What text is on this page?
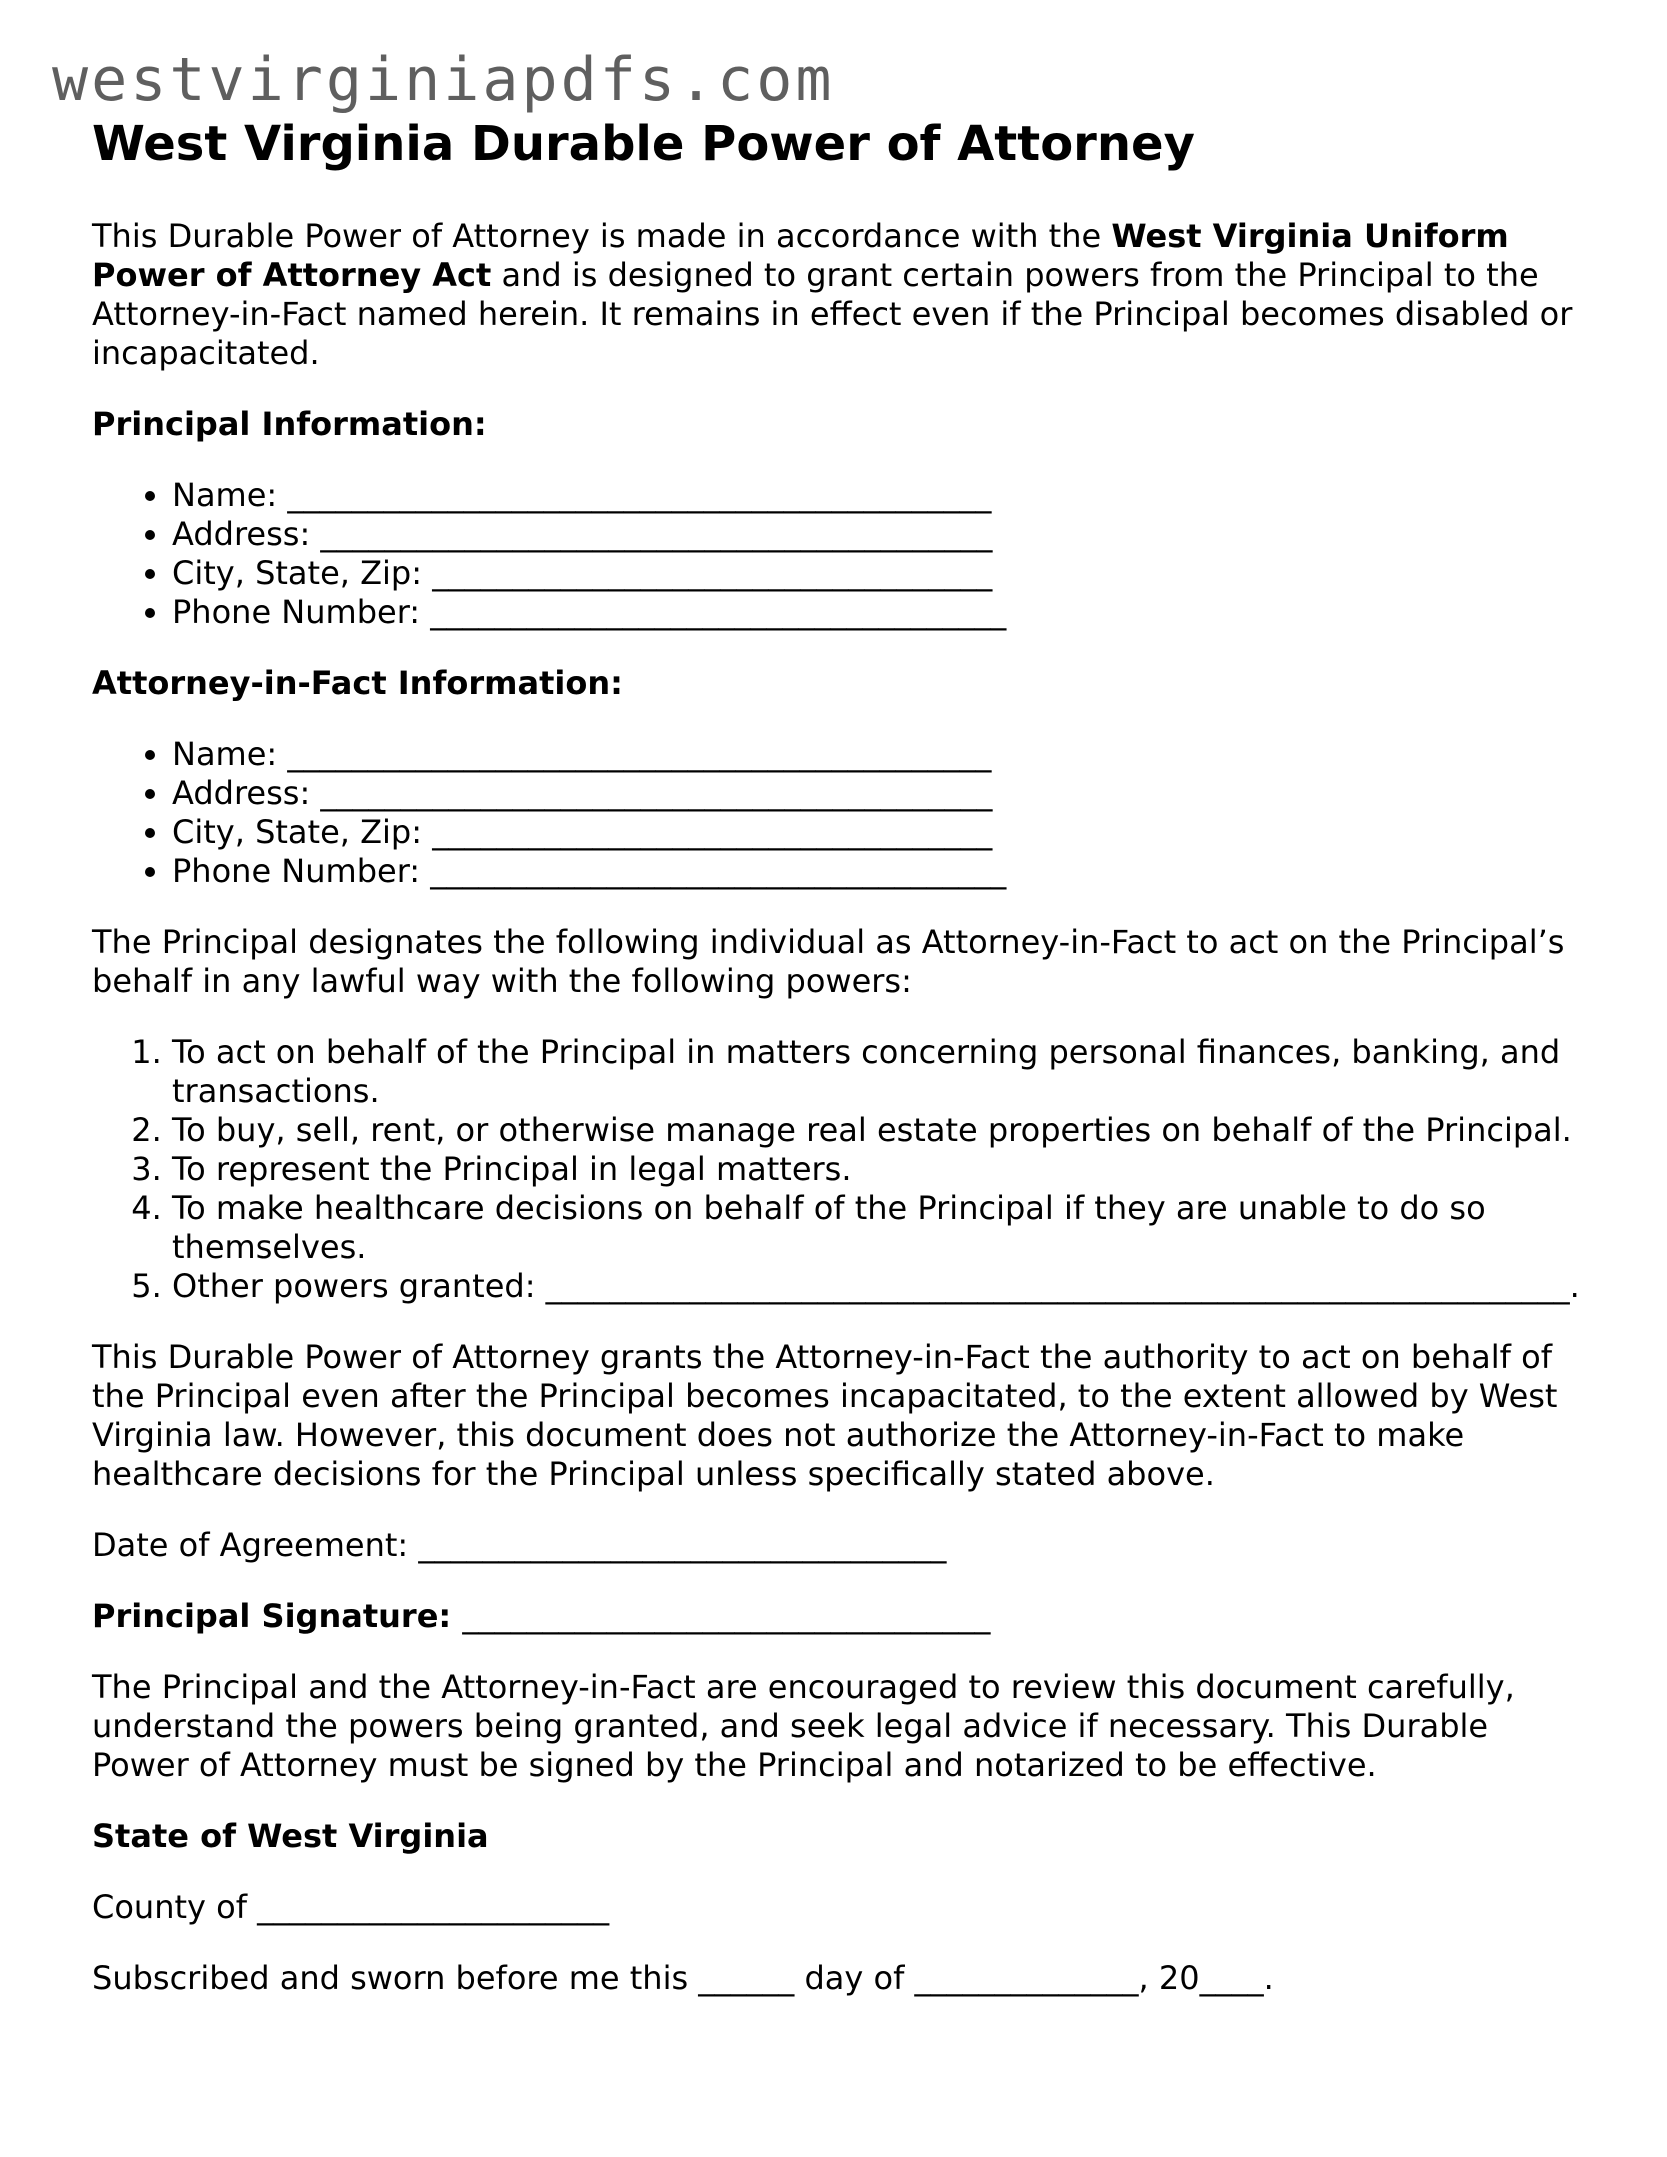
westvirginiapdfs.com
West Virginia Durable Power of Attorney

This Durable Power of Attorney is made in accordance with the West Virginia Uniform Power of Attorney Act and is designed to grant certain powers from the Principal to the Attorney-in-Fact named herein. It remains in effect even if the Principal becomes disabled or incapacitated.

Principal Information:
• Name: ____________________________________________
• Address: __________________________________________
• City, State, Zip: ___________________________________
• Phone Number: ____________________________________
Attorney-in-Fact Information:
• Name: ____________________________________________
• Address: __________________________________________
• City, State, Zip: ___________________________________
• Phone Number: ____________________________________

The Principal designates the following individual as Attorney-in-Fact to act on the Principal’s behalf in any lawful way with the following powers:

1. To act on behalf of the Principal in matters concerning personal finances, banking, and transactions.
2. To buy, sell, rent, or otherwise manage real estate properties on behalf of the Principal.
3. To represent the Principal in legal matters.
4. To make healthcare decisions on behalf of the Principal if they are unable to do so themselves.
5. Other powers granted: ________________________________________________________________.

This Durable Power of Attorney grants the Attorney-in-Fact the authority to act on behalf of the Principal even after the Principal becomes incapacitated, to the extent allowed by West Virginia law. However, this document does not authorize the Attorney-in-Fact to make healthcare decisions for the Principal unless specifically stated above.

Date of Agreement: _________________________________

Principal Signature: _________________________________

The Principal and the Attorney-in-Fact are encouraged to review this document carefully, understand the powers being granted, and seek legal advice if necessary. This Durable Power of Attorney must be signed by the Principal and notarized to be effective.

State of West Virginia

County of ______________________

Subscribed and sworn before me this ______ day of ______________, 20____.
